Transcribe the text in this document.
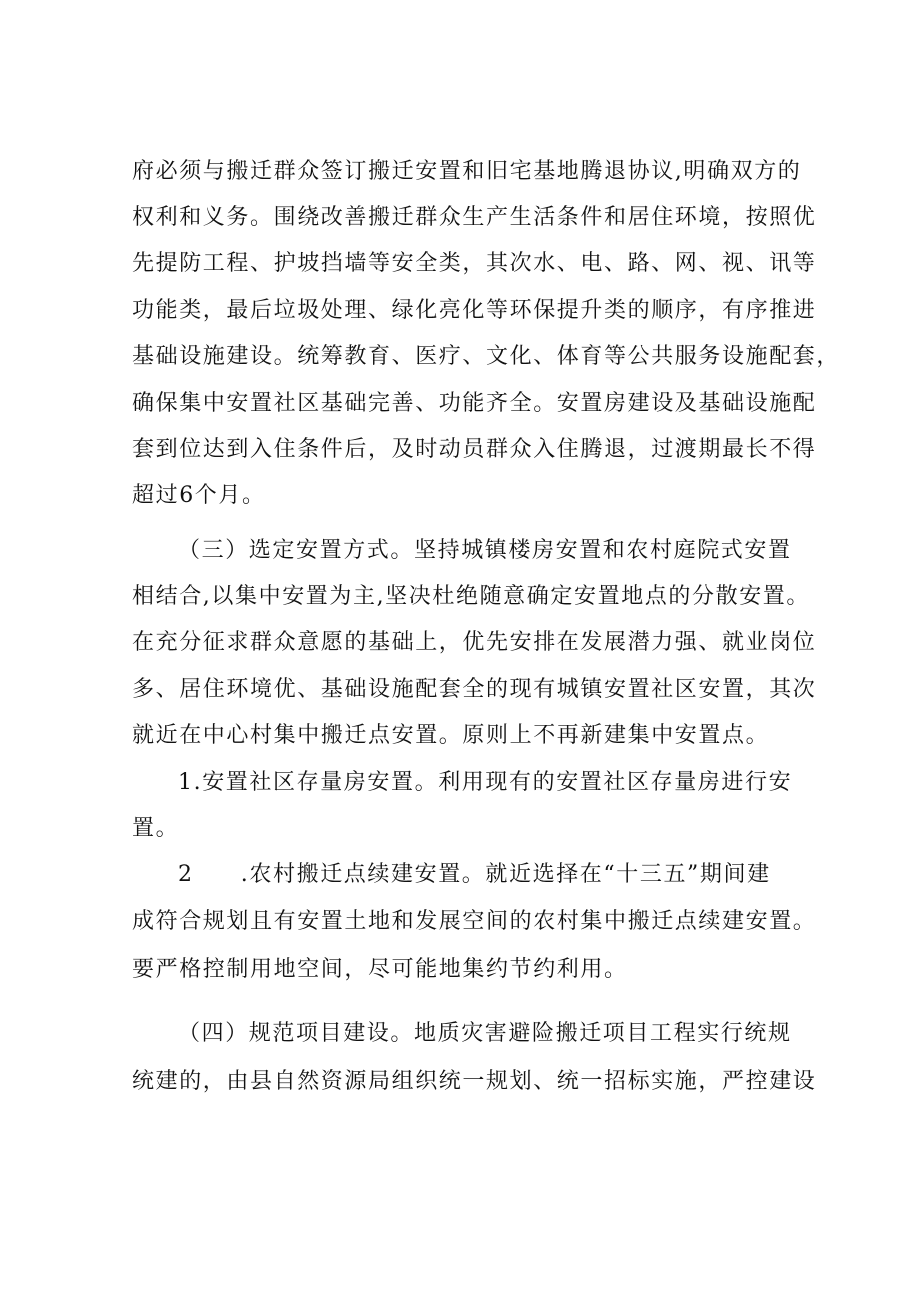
府必须与搬迁群众签订搬迁安置和旧宅基地腾退协议,明确双方的
权利和义务。围绕改善搬迁群众生产生活条件和居住环境，按照优
先提防工程、护坡挡墙等安全类，其次水、电、路、网、视、讯等
功能类，最后垃圾处理、绿化亮化等环保提升类的顺序，有序推进
基础设施建设。统筹教育、医疗、文化、体育等公共服务设施配套，
确保集中安置社区基础完善、功能齐全。安置房建设及基础设施配
套到位达到入住条件后，及时动员群众入住腾退，过渡期最长不得
超过6个月。
（三）选定安置方式。坚持城镇楼房安置和农村庭院式安置
相结合,以集中安置为主,坚决杜绝随意确定安置地点的分散安置。
在充分征求群众意愿的基础上，优先安排在发展潜力强、就业岗位
多、居住环境优、基础设施配套全的现有城镇安置社区安置，其次
就近在中心村集中搬迁点安置。原则上不再新建集中安置点。
1.安置社区存量房安置。利用现有的安置社区存量房进行安
置。
2　　.农村搬迁点续建安置。就近选择在“十三五”期间建
成符合规划且有安置土地和发展空间的农村集中搬迁点续建安置。
要严格控制用地空间，尽可能地集约节约利用。
（四）规范项目建设。地质灾害避险搬迁项目工程实行统规
统建的，由县自然资源局组织统一规划、统一招标实施，严控建设
